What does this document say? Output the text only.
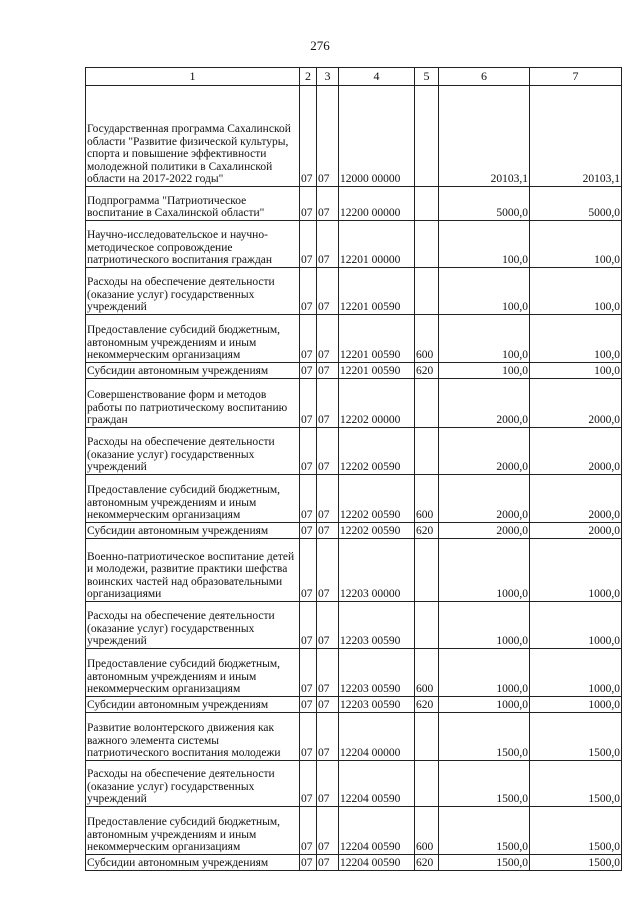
276
1	2	3	4	5	6	7
Государственная программа Сахалинской области "Развитие физической культуры, спорта и повышение эффективности молодежной политики в Сахалинской области на 2017-2022 годы"	07	07	12000 00000		20103,1	20103,1
Подпрограмма "Патриотическое воспитание в Сахалинской области"	07	07	12200 00000		5000,0	5000,0
Научно-исследовательское и научно-методическое сопровождение патриотического воспитания граждан	07	07	12201 00000		100,0	100,0
Расходы на обеспечение деятельности (оказание услуг) государственных учреждений	07	07	12201 00590		100,0	100,0
Предоставление субсидий бюджетным, автономным учреждениям и иным некоммерческим организациям	07	07	12201 00590	600	100,0	100,0
Субсидии автономным учреждениям	07	07	12201 00590	620	100,0	100,0
Совершенствование форм и методов работы по патриотическому воспитанию граждан	07	07	12202 00000		2000,0	2000,0
Расходы на обеспечение деятельности (оказание услуг) государственных учреждений	07	07	12202 00590		2000,0	2000,0
Предоставление субсидий бюджетным, автономным учреждениям и иным некоммерческим организациям	07	07	12202 00590	600	2000,0	2000,0
Субсидии автономным учреждениям	07	07	12202 00590	620	2000,0	2000,0
Военно-патриотическое воспитание детей и молодежи, развитие практики шефства воинских частей над образовательными организациями	07	07	12203 00000		1000,0	1000,0
Расходы на обеспечение деятельности (оказание услуг) государственных учреждений	07	07	12203 00590		1000,0	1000,0
Предоставление субсидий бюджетным, автономным учреждениям и иным некоммерческим организациям	07	07	12203 00590	600	1000,0	1000,0
Субсидии автономным учреждениям	07	07	12203 00590	620	1000,0	1000,0
Развитие волонтерского движения как важного элемента системы патриотического воспитания молодежи	07	07	12204 00000		1500,0	1500,0
Расходы на обеспечение деятельности (оказание услуг) государственных учреждений	07	07	12204 00590		1500,0	1500,0
Предоставление субсидий бюджетным, автономным учреждениям и иным некоммерческим организациям	07	07	12204 00590	600	1500,0	1500,0
Субсидии автономным учреждениям	07	07	12204 00590	620	1500,0	1500,0
